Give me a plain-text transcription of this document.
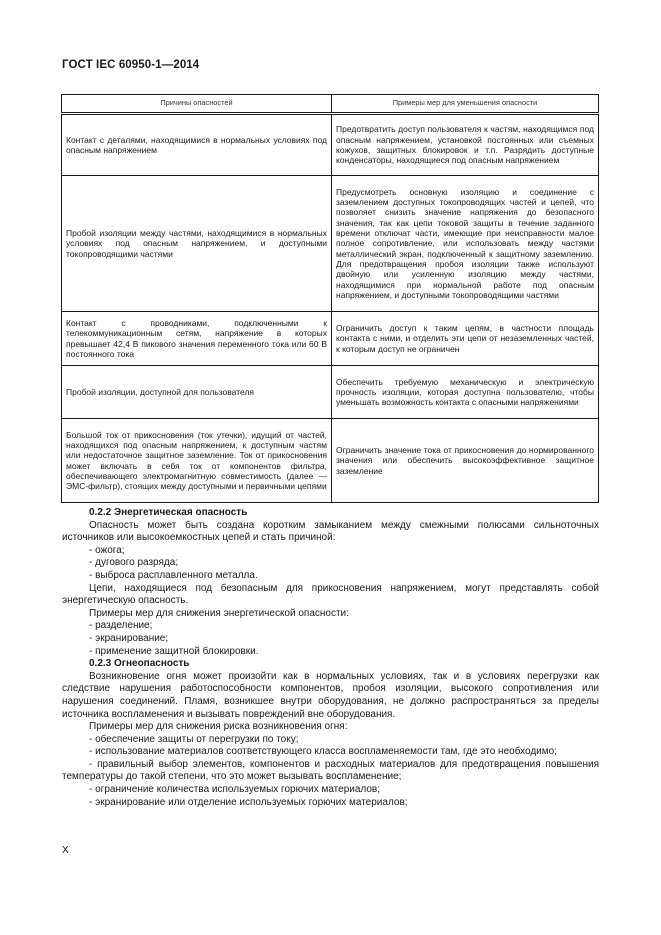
ГОСТ IEC 60950-1—2014
Причины опасностей	Примеры мер для уменьшения опасности
Контакт с деталями, находящимися в нормальных условиях под опасным напряжением	Предотвратить доступ пользователя к частям, находящимся под опасным напряжением, установкой постоянных или съемных кожухов, защитных блокировок и т.п. Разрядить доступные конденсаторы, находящиеся под опасным напряжением
Пробой изоляции между частями, находящимися в нормальных условиях под опасным напряжением, и доступными токопроводящими частями	Предусмотреть основную изоляцию и соединение с заземлением доступных токопроводящих частей и цепей, что позволяет снизить значение напряжения до безопасного значения, так как цепи токовой защиты в течение заданного времени отключат части, имеющие при неисправности малое полное сопротивление, или использовать между частями металлический экран, подключенный к защитному заземлению. Для предотвращения пробоя изоляции также используют двойную или усиленную изоляцию между частями, находящимися при нормальной работе под опасным напряжением, и доступными токопроводящими частями
Контакт с проводниками, подключенными к телекоммуникационным сетям, напряжение в которых превышает 42,4 В пикового значения переменного тока или 60 В постоянного тока	Ограничить доступ к таким цепям, в частности площадь контакта с ними, и отделить эти цепи от незаземленных частей, к которым доступ не ограничен
Пробой изоляции, доступной для пользователя	Обеспечить требуемую механическую и электрическую прочность изоляции, которая доступна пользователю, чтобы уменьшать возможность контакта с опасными напряжениями
Большой ток от прикосновения (ток утечки), идущий от частей, находящихся под опасным напряжением, к доступным частям или недостаточное защитное заземление. Ток от прикосновения может включать в себя ток от компонентов фильтра, обеспечивающего электромагнитную совместимость (далее — ЭМС-фильтр), стоящих между доступными и первичными цепями	Ограничить значение тока от прикосновения до нормированного значения или обеспечить высокоэффективное защитное заземление

0.2.2 Энергетическая опасность

Опасность может быть создана коротким замыканием между смежными полюсами сильноточных источников или высокоемкостных цепей и стать причиной:

- ожога;

- дугового разряда;

- выброса расплавленного металла.

Цепи, находящиеся под безопасным для прикосновения напряжением, могут представлять собой энергетическую опасность.

Примеры мер для снижения энергетической опасности:

- разделение;

- экранирование;

- применение защитной блокировки.

0.2.3 Огнеопасность

Возникновение огня может произойти как в нормальных условиях, так и в условиях перегрузки как следствие нарушения работоспособности компонентов, пробоя изоляции, высокого сопротивления или нарушения соединений. Пламя, возникшее внутри оборудования, не должно распространяться за пределы источника воспламенения и вызывать повреждений вне оборудования.

Примеры мер для снижения риска возникновения огня:

- обеспечение защиты от перегрузки по току;

- использование материалов соответствующего класса воспламеняемости там, где это необходимо;

- правильный выбор элементов, компонентов и расходных материалов для предотвращения повышения температуры до такой степени, что это может вызывать воспламенение;

- ограничение количества используемых горючих материалов;

- экранирование или отделение используемых горючих материалов;

X
